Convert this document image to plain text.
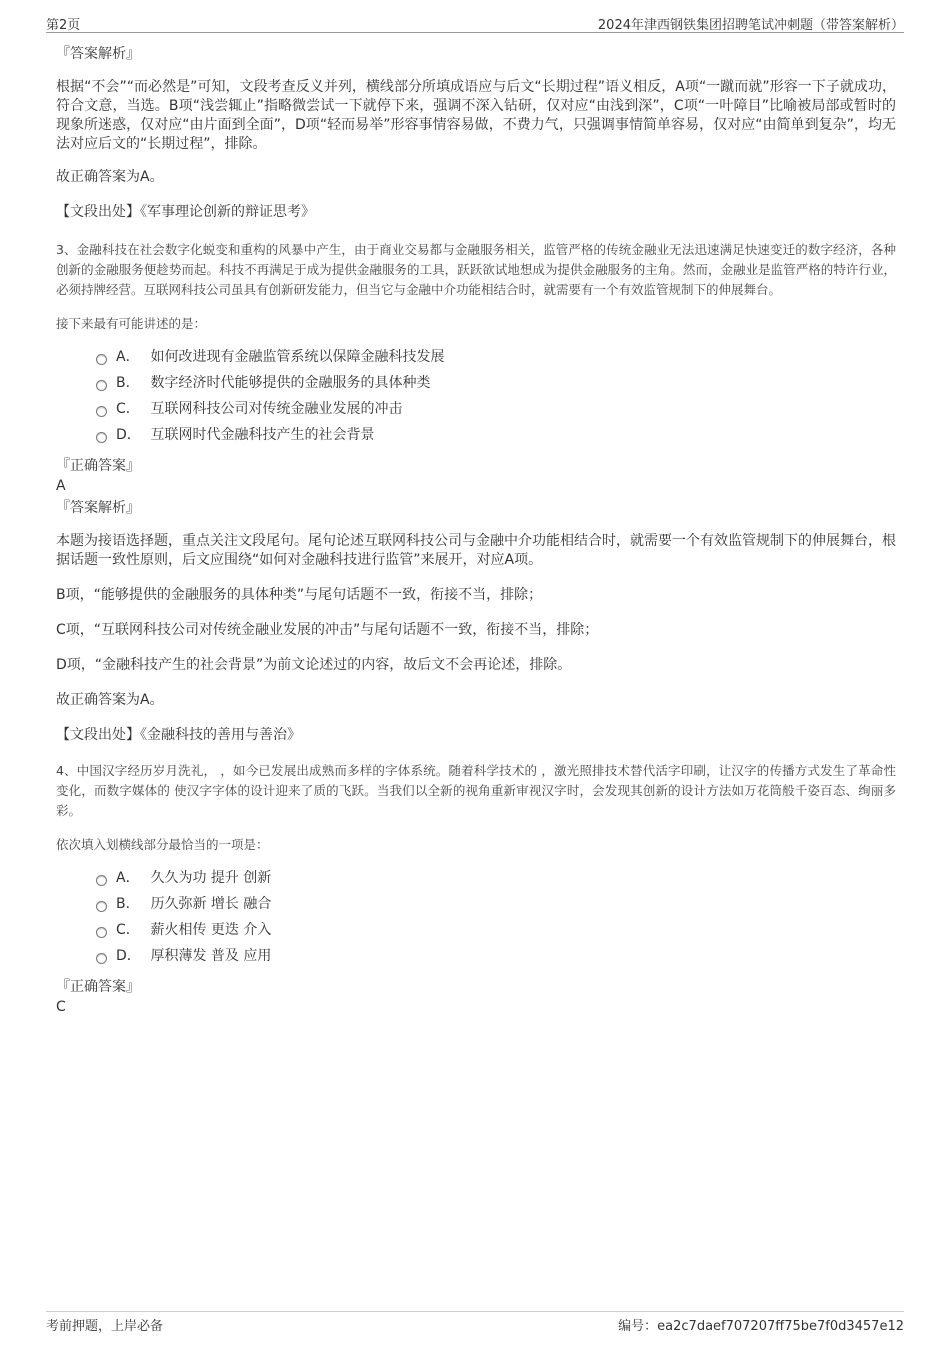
第2页	2024年津西钢铁集团招聘笔试冲刺题（带答案解析）

『答案解析』

根据“不会”“而必然是”可知，文段考查反义并列，横线部分所填成语应与后文“长期过程”语义相反，A项“一蹴而就”形容一下子就成功，符合文意，当选。B项“浅尝辄止”指略微尝试一下就停下来，强调不深入钻研，仅对应“由浅到深”，C项“一叶障目”比喻被局部或暂时的现象所迷惑，仅对应“由片面到全面”，D项“轻而易举”形容事情容易做，不费力气，只强调事情简单容易，仅对应“由简单到复杂”，均无法对应后文的“长期过程”，排除。

故正确答案为A。

【文段出处】《军事理论创新的辩证思考》

3、金融科技在社会数字化蜕变和重构的风暴中产生，由于商业交易都与金融服务相关，监管严格的传统金融业无法迅速满足快速变迁的数字经济，各种创新的金融服务便趁势而起。科技不再满足于成为提供金融服务的工具，跃跃欲试地想成为提供金融服务的主角。然而，金融业是监管严格的特许行业，必须持牌经营。互联网科技公司虽具有创新研发能力，但当它与金融中介功能相结合时，就需要有一个有效监管规制下的伸展舞台。

接下来最有可能讲述的是：

A． 如何改进现有金融监管系统以保障金融科技发展
B． 数字经济时代能够提供的金融服务的具体种类
C． 互联网科技公司对传统金融业发展的冲击
D． 互联网时代金融科技产生的社会背景

『正确答案』

A

『答案解析』

本题为接语选择题，重点关注文段尾句。尾句论述互联网科技公司与金融中介功能相结合时，就需要一个有效监管规制下的伸展舞台，根据话题一致性原则，后文应围绕“如何对金融科技进行监管”来展开，对应A项。

B项，“能够提供的金融服务的具体种类”与尾句话题不一致，衔接不当，排除；

C项，“互联网科技公司对传统金融业发展的冲击”与尾句话题不一致，衔接不当，排除；

D项，“金融科技产生的社会背景”为前文论述过的内容，故后文不会再论述，排除。

故正确答案为A。

【文段出处】《金融科技的善用与善治》

4、中国汉字经历岁月洗礼， ，如今已发展出成熟而多样的字体系统。随着科学技术的 ，激光照排技术替代活字印刷，让汉字的传播方式发生了革命性变化，而数字媒体的 使汉字字体的设计迎来了质的飞跃。当我们以全新的视角重新审视汉字时，会发现其创新的设计方法如万花筒般千姿百态、绚丽多彩。

依次填入划横线部分最恰当的一项是：

A． 久久为功 提升 创新
B． 历久弥新 增长 融合
C． 薪火相传 更迭 介入
D． 厚积薄发 普及 应用

『正确答案』

C

考前押题，上岸必备	编号：ea2c7daef707207ff75be7f0d3457e12
